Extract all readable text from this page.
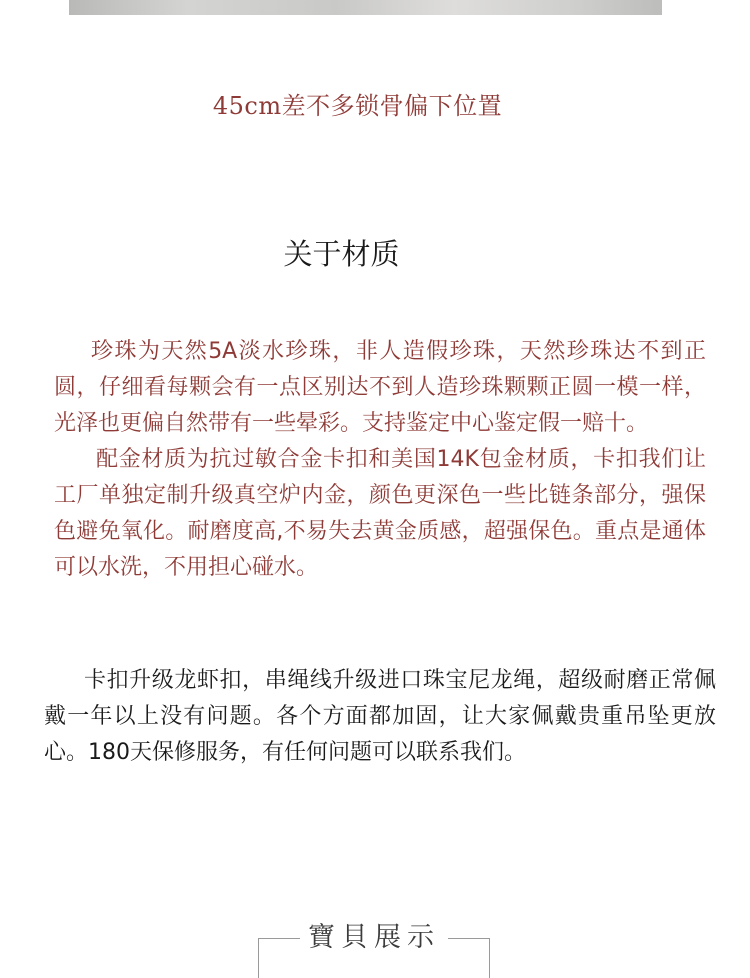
45cm差不多锁骨偏下位置
关于材质

珍珠为天然5A淡水珍珠，非人造假珍珠，天然珍珠达不到正圆，仔细看每颗会有一点区别达不到人造珍珠颗颗正圆一模一样，光泽也更偏自然带有一些晕彩。支持鉴定中心鉴定假一赔十。

配金材质为抗过敏合金卡扣和美国14K包金材质，卡扣我们让工厂单独定制升级真空炉内金，颜色更深色一些比链条部分，强保色避免氧化。耐磨度高,不易失去黄金质感，超强保色。重点是通体可以水洗，不用担心碰水。

卡扣升级龙虾扣，串绳线升级进口珠宝尼龙绳，超级耐磨正常佩戴一年以上没有问题。各个方面都加固，让大家佩戴贵重吊坠更放心。180天保修服务，有任何问题可以联系我们。

寶貝展示
